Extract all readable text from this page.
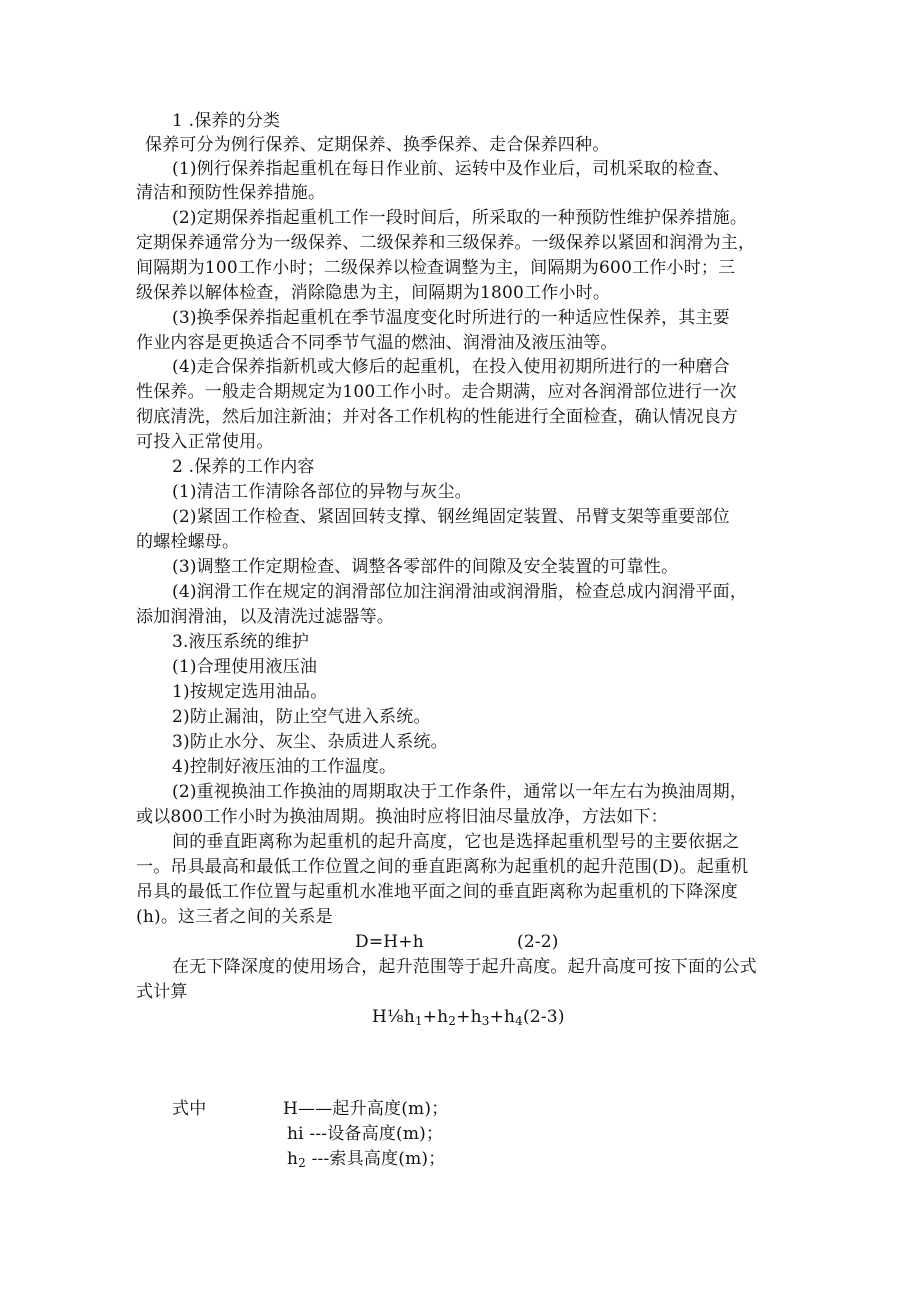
1 .保养的分类
保养可分为例行保养、定期保养、换季保养、走合保养四种。
(1)例行保养指起重机在每日作业前、运转中及作业后，司机采取的检查、
清洁和预防性保养措施。
(2)定期保养指起重机工作一段时间后，所采取的一种预防性维护保养措施。
定期保养通常分为一级保养、二级保养和三级保养。一级保养以紧固和润滑为主，
间隔期为100工作小时；二级保养以检查调整为主，间隔期为600工作小时；三
级保养以解体检查，消除隐患为主，间隔期为1800工作小时。
(3)换季保养指起重机在季节温度变化时所进行的一种适应性保养，其主要
作业内容是更换适合不同季节气温的燃油、润滑油及液压油等。
(4)走合保养指新机或大修后的起重机，在投入使用初期所进行的一种磨合
性保养。一般走合期规定为100工作小时。走合期满，应对各润滑部位进行一次
彻底清洗，然后加注新油；并对各工作机构的性能进行全面检查，确认情况良方
可投入正常使用。
2 .保养的工作内容
(1)清洁工作清除各部位的异物与灰尘。
(2)紧固工作检查、紧固回转支撑、钢丝绳固定装置、吊臂支架等重要部位
的螺栓螺母。
(3)调整工作定期检查、调整各零部件的间隙及安全装置的可靠性。
(4)润滑工作在规定的润滑部位加注润滑油或润滑脂，检查总成内润滑平面，
添加润滑油，以及清洗过滤器等。
3.液压系统的维护
(1)合理使用液压油
1)按规定选用油品。
2)防止漏油，防止空气进入系统。
3)防止水分、灰尘、杂质进人系统。
4)控制好液压油的工作温度。
(2)重视换油工作换油的周期取决于工作条件，通常以一年左右为换油周期，
或以800工作小时为换油周期。换油时应将旧油尽量放净，方法如下：
间的垂直距离称为起重机的起升高度，它也是选择起重机型号的主要依据之
一。吊具最高和最低工作位置之间的垂直距离称为起重机的起升范围(D)。起重机
吊具的最低工作位置与起重机水准地平面之间的垂直距离称为起重机的下降深度
(h)。这三者之间的关系是
D=H+h	(2-2)
在无下降深度的使用场合，起升范围等于起升高度。起升高度可按下面的公式
式计算
$H\frac{1}{8}h_1+h_2+h_3+h_4(2-3)$
式中	H——起升高度(m)；
hi ---设备高度(m)；
$h_2$ ---索具高度(m)；
